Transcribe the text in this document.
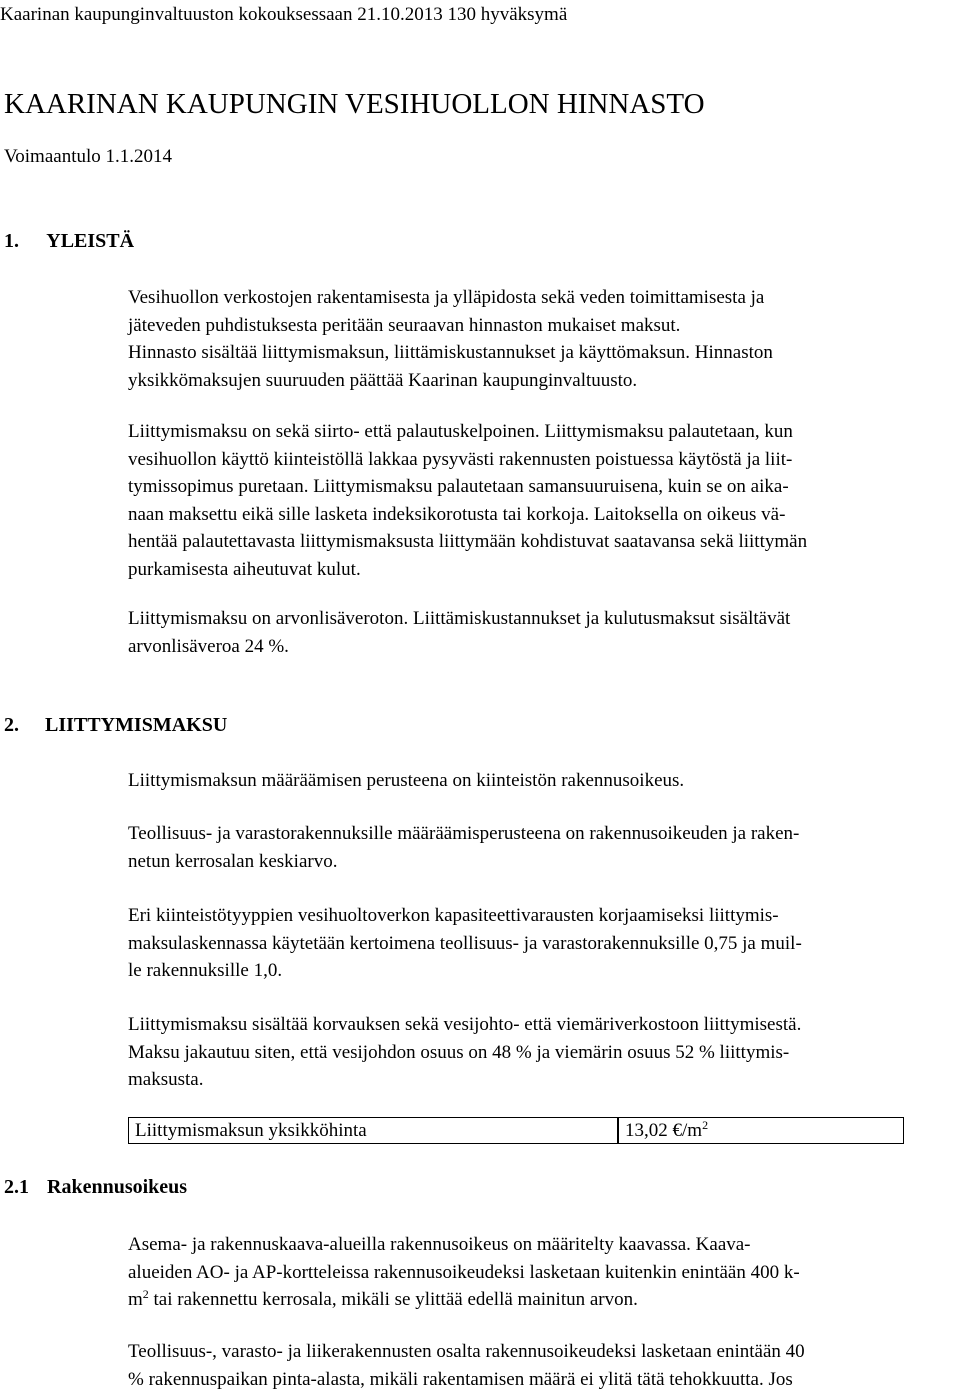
Kaarinan kaupunginvaltuuston kokouksessaan 21.10.2013 130 hyväksymä
KAARINAN KAUPUNGIN VESIHUOLLON HINNASTO
Voimaantulo 1.1.2014
1. YLEISTÄ
Vesihuollon verkostojen rakentamisesta ja ylläpidosta sekä veden toimittamisesta ja
jäteveden puhdistuksesta peritään seuraavan hinnaston mukaiset maksut.
Hinnasto sisältää liittymismaksun, liittämiskustannukset ja käyttömaksun. Hinnaston
yksikkömaksujen suuruuden päättää Kaarinan kaupunginvaltuusto.
Liittymismaksu on sekä siirto- että palautuskelpoinen. Liittymismaksu palautetaan, kun
vesihuollon käyttö kiinteistöllä lakkaa pysyvästi rakennusten poistuessa käytöstä ja liit-
tymissopimus puretaan. Liittymismaksu palautetaan samansuuruisena, kuin se on aika-
naan maksettu eikä sille lasketa indeksikorotusta tai korkoja. Laitoksella on oikeus vä-
hentää palautettavasta liittymismaksusta liittymään kohdistuvat saatavansa sekä liittymän
purkamisesta aiheutuvat kulut.
Liittymismaksu on arvonlisäveroton. Liittämiskustannukset ja kulutusmaksut sisältävät
arvonlisäveroa 24 %.
2. LIITTYMISMAKSU
Liittymismaksun määräämisen perusteena on kiinteistön rakennusoikeus.
Teollisuus- ja varastorakennuksille määräämisperusteena on rakennusoikeuden ja raken-
netun kerrosalan keskiarvo.
Eri kiinteistötyyppien vesihuoltoverkon kapasiteettivarausten korjaamiseksi liittymis-
maksulaskennassa käytetään kertoimena teollisuus- ja varastorakennuksille 0,75 ja muil-
le rakennuksille 1,0.
Liittymismaksu sisältää korvauksen sekä vesijohto- että viemäriverkostoon liittymisestä.
Maksu jakautuu siten, että vesijohdon osuus on 48 % ja viemärin osuus 52 % liittymis-
maksusta.
Liittymismaksun yksikköhinta	13,02 $€/m^2$
2.1 Rakennusoikeus
Asema- ja rakennuskaava-alueilla rakennusoikeus on määritelty kaavassa. Kaava-
alueiden AO- ja AP-kortteleissa rakennusoikeudeksi lasketaan kuitenkin enintään 400 k-
$m^2$ tai rakennettu kerrosala, mikäli se ylittää edellä mainitun arvon.
Teollisuus-, varasto- ja liikerakennusten osalta rakennusoikeudeksi lasketaan enintään 40
% rakennuspaikan pinta-alasta, mikäli rakentamisen määrä ei ylitä tätä tehokkuutta. Jos
